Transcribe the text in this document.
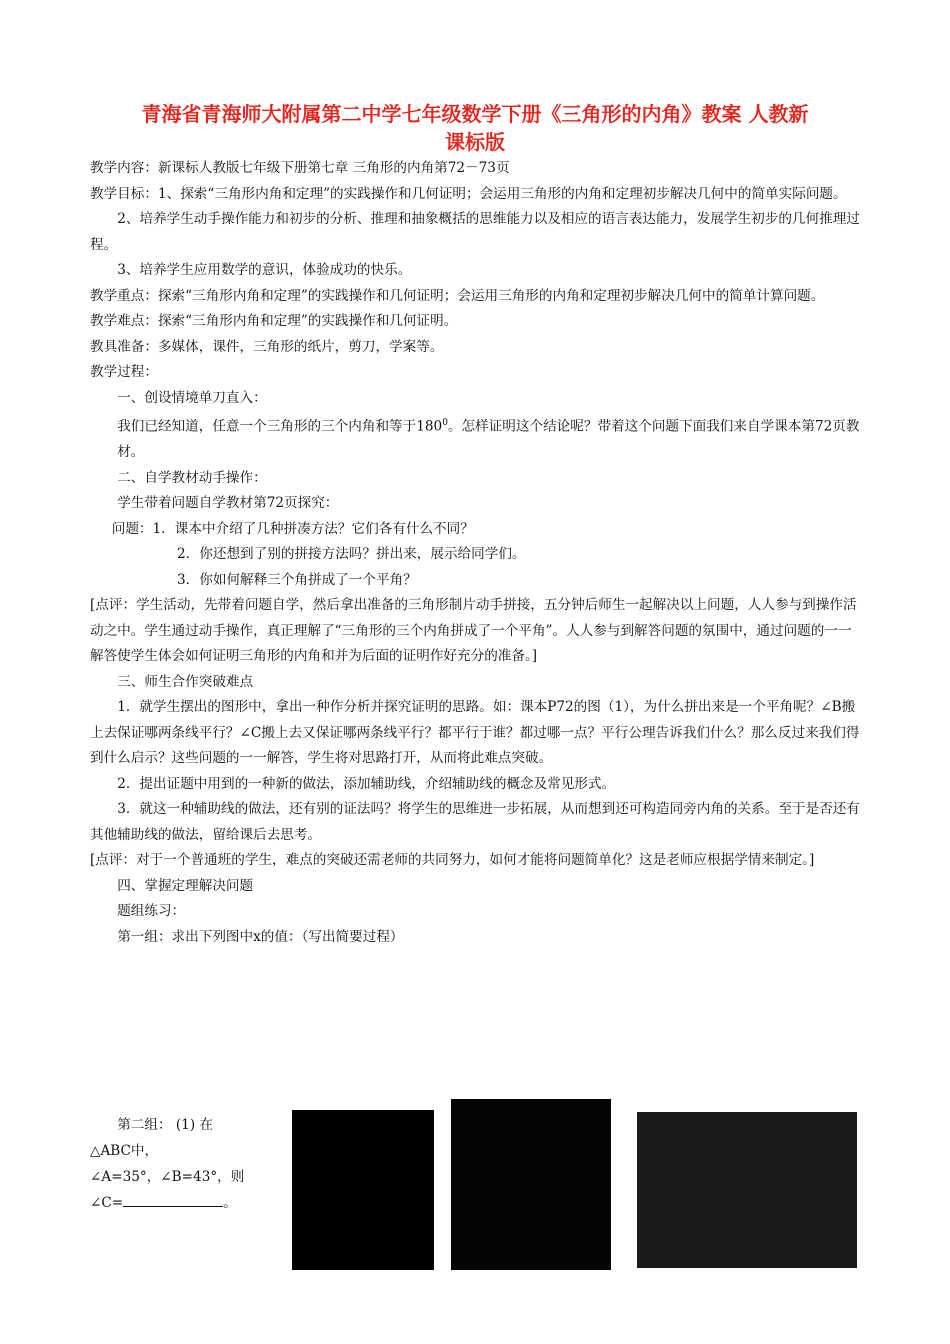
青海省青海师大附属第二中学七年级数学下册《三角形的内角》教案 人教新
课标版

教学内容：新课标人教版七年级下册第七章 三角形的内角第72－73页

教学目标：1、探索“三角形内角和定理”的实践操作和几何证明；会运用三角形的内角和定理初步解决几何中的简单实际问题。

2、培养学生动手操作能力和初步的分析、推理和抽象概括的思维能力以及相应的语言表达能力，发展学生初步的几何推理过程。

3、培养学生应用数学的意识，体验成功的快乐。

教学重点：探索“三角形内角和定理”的实践操作和几何证明；会运用三角形的内角和定理初步解决几何中的简单计算问题。

教学难点：探索“三角形内角和定理”的实践操作和几何证明。

教具准备：多媒体，课件，三角形的纸片，剪刀，学案等。

教学过程：

一、创设情境单刀直入：

我们已经知道，任意一个三角形的三个内角和等于$180^0$。怎样证明这个结论呢？带着这个问题下面我们来自学课本第72页教材。

二、自学教材动手操作：

学生带着问题自学教材第72页探究：

问题：1．课本中介绍了几种拼凑方法？它们各有什么不同？

2．你还想到了别的拼接方法吗？拼出来，展示给同学们。

3．你如何解释三个角拼成了一个平角？

[点评：学生活动，先带着问题自学，然后拿出准备的三角形制片动手拼接，五分钟后师生一起解决以上问题，人人参与到操作活动之中。学生通过动手操作，真正理解了“三角形的三个内角拼成了一个平角”。人人参与到解答问题的氛围中，通过问题的一一解答使学生体会如何证明三角形的内角和并为后面的证明作好充分的准备。]

三、师生合作突破难点

1．就学生摆出的图形中，拿出一种作分析并探究证明的思路。如：课本P72的图（1），为什么拼出来是一个平角呢？∠B搬上去保证哪两条线平行？∠C搬上去又保证哪两条线平行？都平行于谁？都过哪一点？平行公理告诉我们什么？那么反过来我们得到什么启示？这些问题的一一解答，学生将对思路打开，从而将此难点突破。

2．提出证题中用到的一种新的做法，添加辅助线，介绍辅助线的概念及常见形式。

3．就这一种辅助线的做法，还有别的证法吗？将学生的思维进一步拓展，从而想到还可构造同旁内角的关系。至于是否还有其他辅助线的做法，留给课后去思考。

[点评：对于一个普通班的学生，难点的突破还需老师的共同努力，如何才能将问题简单化？这是老师应根据学情来制定。]

四、掌握定理解决问题

题组练习：

第一组：求出下列图中x的值：（写出简要过程）

第二组： (1) 在
△ABC中，
∠A=35°，∠B=43°，则
∠C=	。
